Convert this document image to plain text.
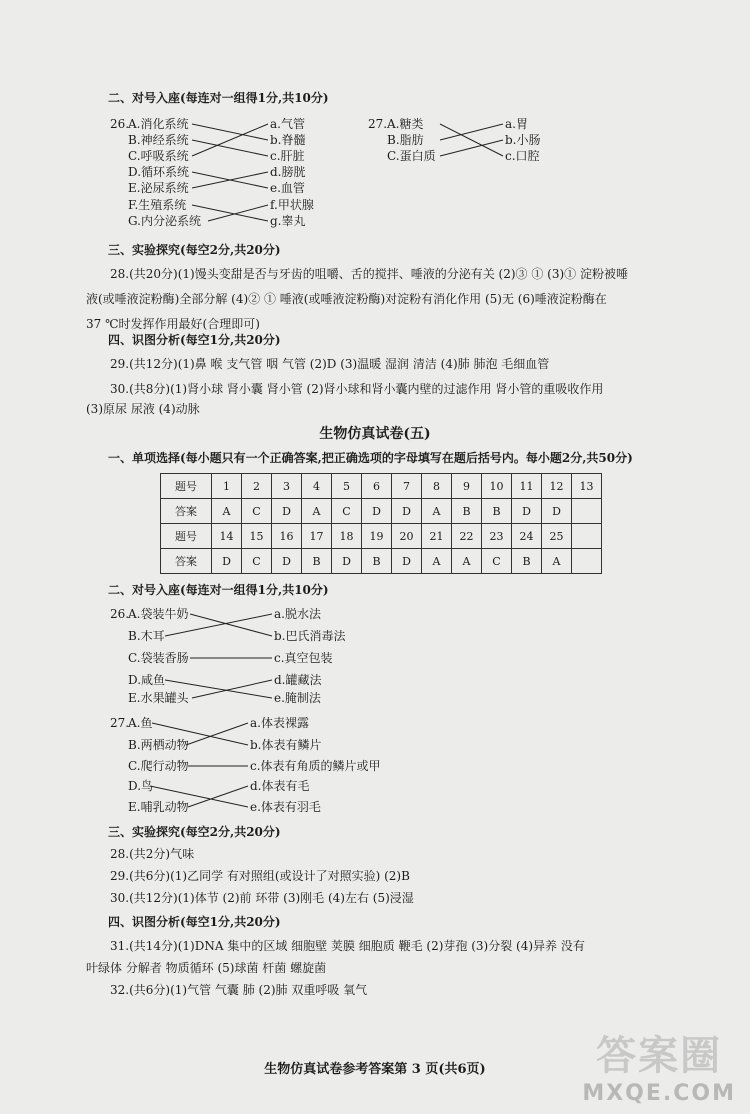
二、对号入座(每连对一组得1分,共10分)
26.
A.消化系统
B.神经系统
C.呼吸系统
D.循环系统
E.泌尿系统
F.生殖系统
G.内分泌系统
a.气管
b.脊髓
c.肝脏
d.膀胱
e.血管
f.甲状腺
g.睾丸
27. A.糖类
B.脂肪
C.蛋白质
a.胃
b.小肠
c.口腔
三、实验探究(每空2分,共20分)
28.(共20分)(1)馒头变甜是否与牙齿的咀嚼、舌的搅拌、唾液的分泌有关 (2)③ ① (3)① 淀粉被唾
液(或唾液淀粉酶)全部分解 (4)② ① 唾液(或唾液淀粉酶)对淀粉有消化作用 (5)无 (6)唾液淀粉酶在
37 ℃时发挥作用最好(合理即可)
四、识图分析(每空1分,共20分)
29.(共12分)(1)鼻 喉 支气管 咽 气管 (2)D (3)温暖 湿润 清洁 (4)肺 肺泡 毛细血管
30.(共8分)(1)肾小球 肾小囊 肾小管 (2)肾小球和肾小囊内壁的过滤作用 肾小管的重吸收作用
(3)原尿 尿液 (4)动脉
生物仿真试卷(五)
一、单项选择(每小题只有一个正确答案,把正确选项的字母填写在题后括号内。每小题2分,共50分)
题号	1	2	3	4	5	6	7	8	9	10	11	12	13
答案	A	C	D	A	C	D	D	A	B	B	D	D	
题号	14	15	16	17	18	19	20	21	22	23	24	25	
答案	D	C	D	B	D	B	D	A	A	C	B	A	
二、对号入座(每连对一组得1分,共10分)
26.
A.袋装牛奶
B.木耳
C.袋装香肠
D.咸鱼
E.水果罐头
a.脱水法
b.巴氏消毒法
c.真空包装
d.罐藏法
e.腌制法
27.
A.鱼
B.两栖动物
C.爬行动物
D.鸟
E.哺乳动物
a.体表裸露
b.体表有鳞片
c.体表有角质的鳞片或甲
d.体表有毛
e.体表有羽毛
三、实验探究(每空2分,共20分)
28.(共2分)气味
29.(共6分)(1)乙同学 有对照组(或设计了对照实验) (2)B
30.(共12分)(1)体节 (2)前 环带 (3)刚毛 (4)左右 (5)浸湿
四、识图分析(每空1分,共20分)
31.(共14分)(1)DNA 集中的区域 细胞壁 荚膜 细胞质 鞭毛 (2)芽孢 (3)分裂 (4)异养 没有
叶绿体 分解者 物质循环 (5)球菌 杆菌 螺旋菌
32.(共6分)(1)气管 气囊 肺 (2)肺 双重呼吸 氧气
生物仿真试卷参考答案第 3 页(共6页)	答案圈
MXQE.COM
